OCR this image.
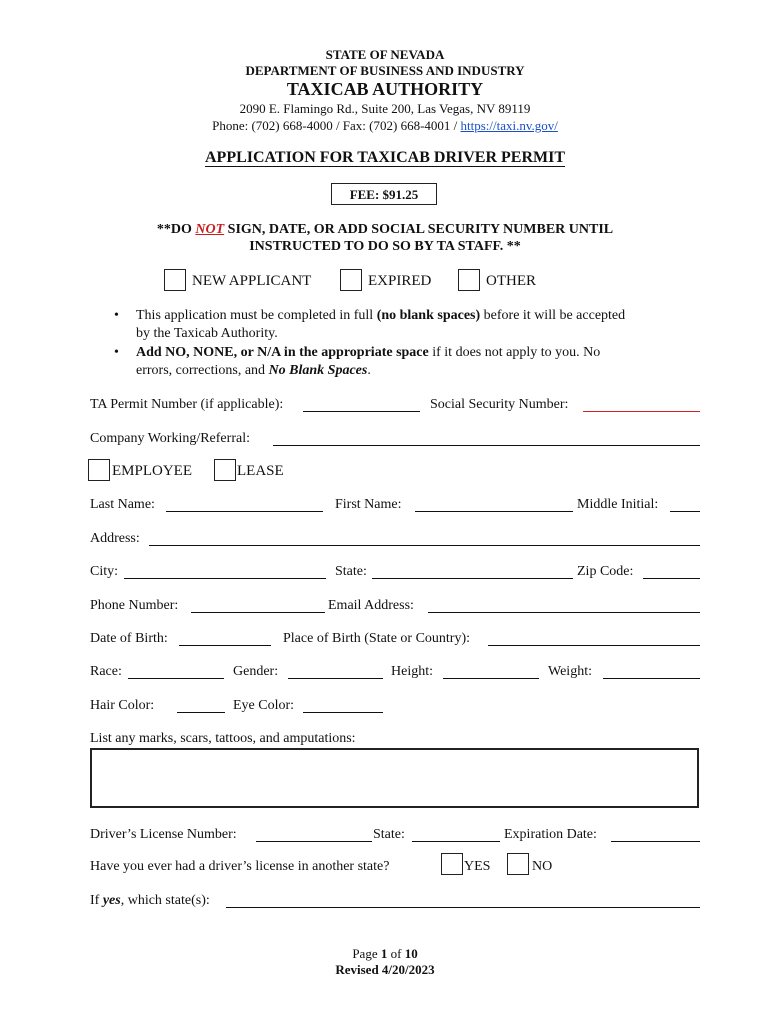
STATE OF NEVADA
DEPARTMENT OF BUSINESS AND INDUSTRY
TAXICAB AUTHORITY
2090 E. Flamingo Rd., Suite 200, Las Vegas, NV 89119
Phone: (702) 668-4000 / Fax: (702) 668-4001 / https://taxi.nv.gov/
APPLICATION FOR TAXICAB DRIVER PERMIT
FEE: $91.25
**DO NOT SIGN, DATE, OR ADD SOCIAL SECURITY NUMBER UNTIL
INSTRUCTED TO DO SO BY TA STAFF. **
NEW APPLICANT	EXPIRED	OTHER
• This application must be completed in full (no blank spaces) before it will be accepted
by the Taxicab Authority.
• Add NO, NONE, or N/A in the appropriate space if it does not apply to you. No
errors, corrections, and No Blank Spaces.
TA Permit Number (if applicable):	Social Security Number:
Company Working/Referral:
EMPLOYEE	LEASE
Last Name:	First Name:	Middle Initial:
Address:
City:	State:	Zip Code:
Phone Number:	Email Address:
Date of Birth:	Place of Birth (State or Country):
Race:	Gender:	Height:	Weight:
Hair Color:	Eye Color:
List any marks, scars, tattoos, and amputations:
Driver’s License Number:	State:	Expiration Date:
Have you ever had a driver’s license in another state?	YES	NO
If yes, which state(s):
Page 1 of 10
Revised 4/20/2023
